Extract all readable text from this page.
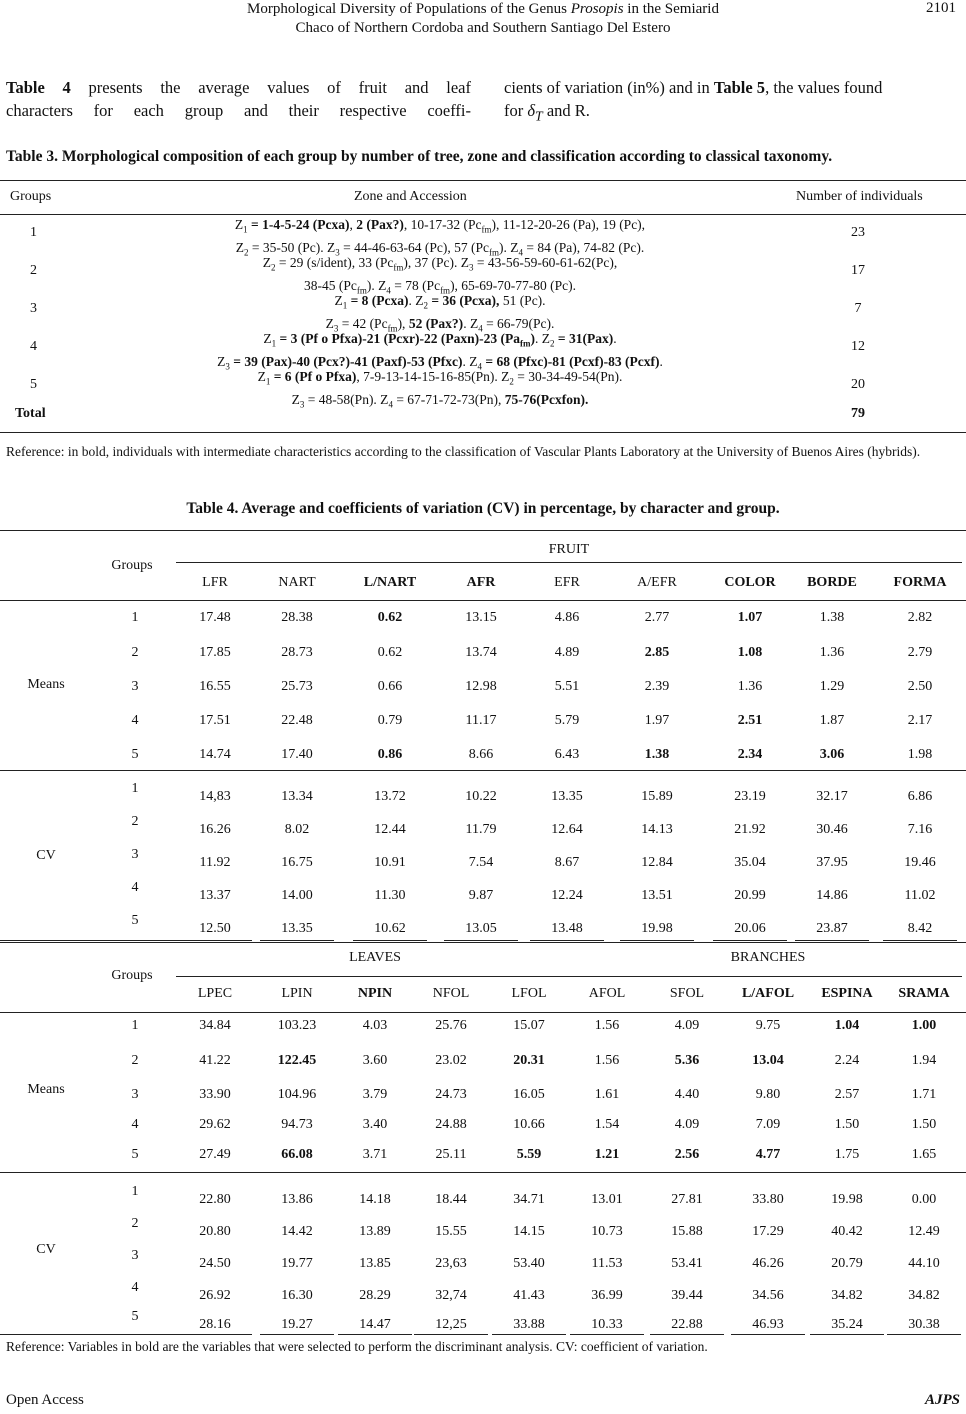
Morphological Diversity of Populations of the Genus Prosopis in the Semiarid
Chaco of Northern Cordoba and Southern Santiago Del Estero
2101
Table 4 presents the average values of fruit and leaf
characters for each group and their respective coeffi-
cients of variation (in%) and in Table 5, the values found
for $\delta_T$ and R.
Table 3. Morphological composition of each group by number of tree, zone and classification according to classical taxonomy.
Groups	Zone and Accession	Number of individuals
1
$Z_1 = 1-4-5-24$ (Pcxa), 2 (Pax?), 10-17-32 $(Pc_{fm})$, 11-12-20-26 (Pa), 19 (Pc),
$Z_2 = 35-50$ (Pc). $Z_3 = 44-46-63-64$ (Pc), 57 $(Pc_{fm})$. $Z_4 = 84$ (Pa), 74-82 (Pc).
23
2
$Z_2 = 29$ (s/ident), 33 $(Pc_{fm})$, 37 (Pc). $Z_3 = 43-56-59-60-61-62(Pc)$,
38-45 $(Pc_{fm})$. $Z_4 = 78$ $(Pc_{fm})$, 65-69-70-77-80 (Pc).
17
3
$Z_1 = 8$ (Pcxa). $Z_2 = 36$ (Pcxa), 51 (Pc).
$Z_3 = 42$ $(Pc_{fm})$, 52 (Pax?). $Z_4 = 66-79(Pc)$.
7
4
$Z_1 = 3$ (Pf o Pfxa)-21 (Pcxr)-22 (Paxn)-23 $(Pa_{fm})$. $Z_2 = 31(Pax)$.
$Z_3 = 39$ (Pax)-40 (Pcx?)-41 (Paxf)-53 (Pfxc). $Z_4 = 68$ (Pfxc)-81 (Pcxf)-83 (Pcxf).
12
5
$Z_1 = 6$ (Pf o Pfxa), 7-9-13-14-15-16-85(Pn). $Z_2 = 30-34-49-54(Pn)$.
$Z_3 = 48-58(Pn)$. $Z_4 = 67-71-72-73(Pn)$, 75-76(Pcxfon).
20
Total	79
Reference: in bold, individuals with intermediate characteristics according to the classification of Vascular Plants Laboratory at the University of Buenos Aires (hybrids).
Table 4. Average and coefficients of variation (CV) in percentage, by character and group.
Groups
FRUIT
LFR	NART	L/NART	AFR	EFR	A/EFR	COLOR	BORDE	FORMA
Means
1	17.48	28.38	0.62	13.15	4.86	2.77	1.07	1.38	2.82
2	17.85	28.73	0.62	13.74	4.89	2.85	1.08	1.36	2.79
3	16.55	25.73	0.66	12.98	5.51	2.39	1.36	1.29	2.50
4	17.51	22.48	0.79	11.17	5.79	1.97	2.51	1.87	2.17
5	14.74	17.40	0.86	8.66	6.43	1.38	2.34	3.06	1.98
CV
1
14,83	13.34	13.72	10.22	13.35	15.89	23.19	32.17	6.86
2
16.26	8.02	12.44	11.79	12.64	14.13	21.92	30.46	7.16
3
11.92	16.75	10.91	7.54	8.67	12.84	35.04	37.95	19.46
4
13.37	14.00	11.30	9.87	12.24	13.51	20.99	14.86	11.02
5
12.50	13.35	10.62	13.05	13.48	19.98	20.06	23.87	8.42
Groups
LEAVES	BRANCHES
LPEC	LPIN	NPIN	NFOL	LFOL	AFOL	SFOL	L/AFOL	ESPINA	SRAMA
Means
1	34.84	103.23	4.03	25.76	15.07	1.56	4.09	9.75	1.04	1.00
2	41.22	122.45	3.60	23.02	20.31	1.56	5.36	13.04	2.24	1.94
3	33.90	104.96	3.79	24.73	16.05	1.61	4.40	9.80	2.57	1.71
4	29.62	94.73	3.40	24.88	10.66	1.54	4.09	7.09	1.50	1.50
5	27.49	66.08	3.71	25.11	5.59	1.21	2.56	4.77	1.75	1.65
CV
1
22.80	13.86	14.18	18.44	34.71	13.01	27.81	33.80	19.98	0.00
2
20.80	14.42	13.89	15.55	14.15	10.73	15.88	17.29	40.42	12.49
3
24.50	19.77	13.85	23,63	53.40	11.53	53.41	46.26	20.79	44.10
4
26.92	16.30	28.29	32,74	41.43	36.99	39.44	34.56	34.82	34.82
5
28.16	19.27	14.47	12,25	33.88	10.33	22.88	46.93	35.24	30.38
Reference: Variables in bold are the variables that were selected to perform the discriminant analysis. CV: coefficient of variation.
Open Access	AJPS
